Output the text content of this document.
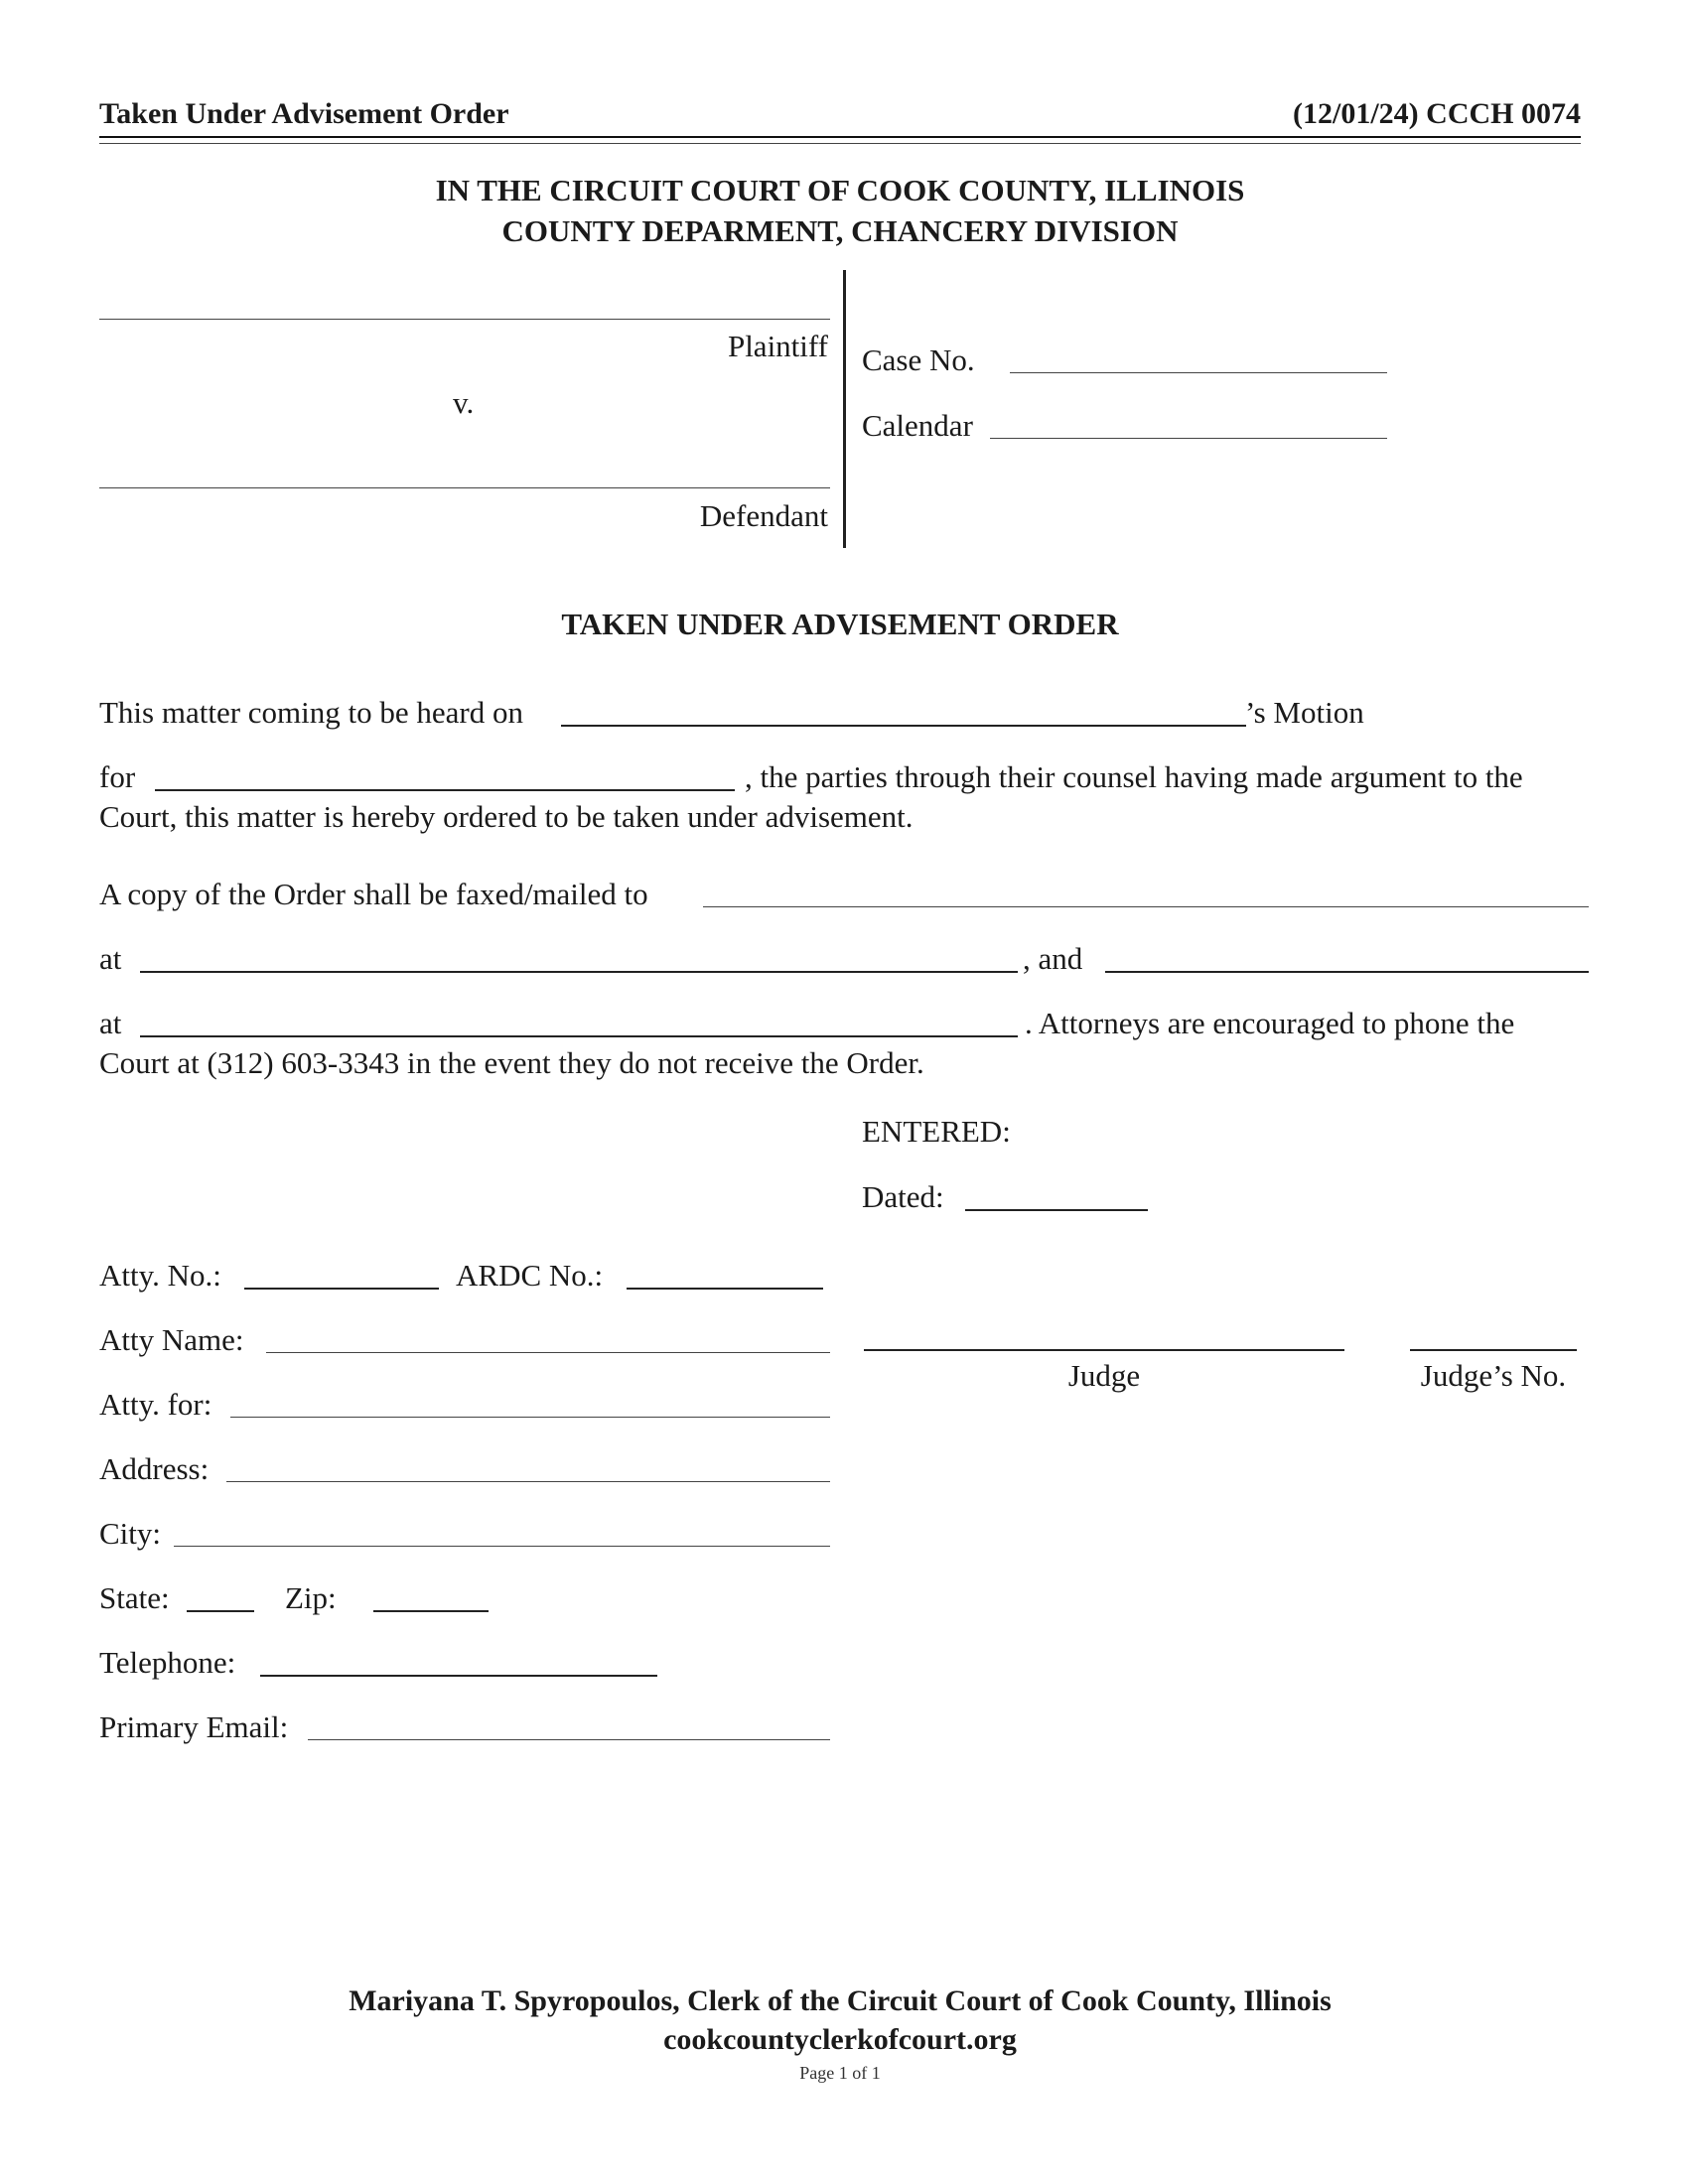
Taken Under Advisement Order	(12/01/24) CCCH 0074
IN THE CIRCUIT COURT OF COOK COUNTY, ILLINOIS
COUNTY DEPARMENT, CHANCERY DIVISION
Plaintiff
v.
Defendant
Case No.
Calendar
TAKEN UNDER ADVISEMENT ORDER
This matter coming to be heard on	’s Motion
for	, the parties through their counsel having made argument to the
Court, this matter is hereby ordered to be taken under advisement.
A copy of the Order shall be faxed/mailed to
at	, and
at	. Attorneys are encouraged to phone the
Court at (312) 603-3343 in the event they do not receive the Order.
ENTERED:
Dated:
Atty. No.:	ARDC No.:
Atty Name:
Atty. for:
Address:
City:
State:	Zip:
Telephone:
Primary Email:
Judge	Judge’s No.
Mariyana T. Spyropoulos, Clerk of the Circuit Court of Cook County, Illinois
cookcountyclerkofcourt.org
Page 1 of 1
